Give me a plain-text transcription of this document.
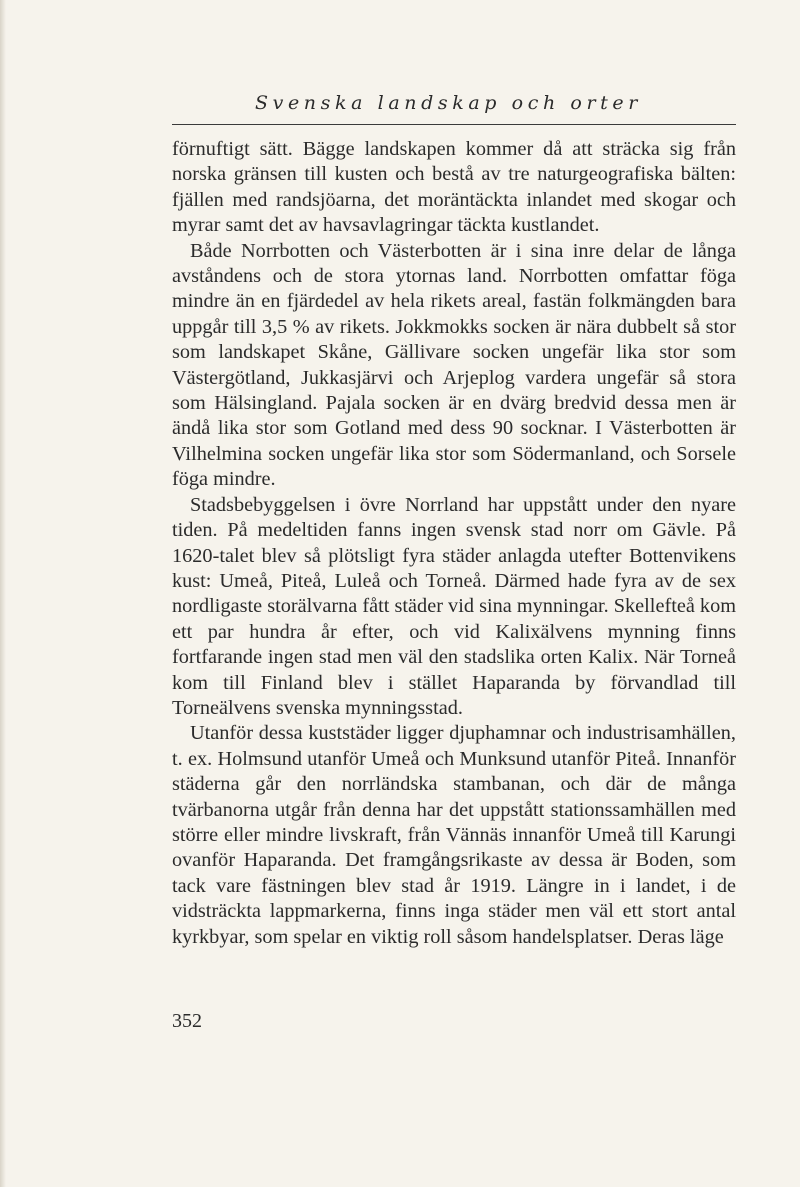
Svenska landskap och orter

förnuftigt sätt. Bägge landskapen kommer då att sträcka sig från norska gränsen till kusten och bestå av tre naturgeografiska bälten: fjällen med randsjöarna, det moräntäckta inlandet med skogar och myrar samt det av havsavlagringar täckta kustlandet.

Både Norrbotten och Västerbotten är i sina inre delar de långa avståndens och de stora ytornas land. Norrbotten omfattar föga mindre än en fjärdedel av hela rikets areal, fastän folkmängden bara uppgår till 3,5 % av rikets. Jokkmokks socken är nära dubbelt så stor som landskapet Skåne, Gällivare socken ungefär lika stor som Västergötland, Jukkasjärvi och Arjeplog vardera ungefär så stora som Hälsingland. Pajala socken är en dvärg bredvid dessa men är ändå lika stor som Gotland med dess 90 socknar. I Västerbotten är Vilhelmina socken ungefär lika stor som Södermanland, och Sorsele föga mindre.

Stadsbebyggelsen i övre Norrland har uppstått under den nyare tiden. På medeltiden fanns ingen svensk stad norr om Gävle. På 1620-talet blev så plötsligt fyra städer anlagda utefter Bottenvikens kust: Umeå, Piteå, Luleå och Torneå. Därmed hade fyra av de sex nordligaste storälvarna fått städer vid sina mynningar. Skellefteå kom ett par hundra år efter, och vid Kalixälvens mynning finns fortfarande ingen stad men väl den stadslika orten Kalix. När Torneå kom till Finland blev i stället Haparanda by förvandlad till Torneälvens svenska mynningsstad.

Utanför dessa kuststäder ligger djuphamnar och industrisamhällen, t. ex. Holmsund utanför Umeå och Munksund utanför Piteå. Innanför städerna går den norrländska stambanan, och där de många tvärbanorna utgår från denna har det uppstått stationssamhällen med större eller mindre livskraft, från Vännäs innanför Umeå till Karungi ovanför Haparanda. Det framgångsrikaste av dessa är Boden, som tack vare fästningen blev stad år 1919. Längre in i landet, i de vidsträckta lappmarkerna, finns inga städer men väl ett stort antal kyrkbyar, som spelar en viktig roll såsom handelsplatser. Deras läge

352
